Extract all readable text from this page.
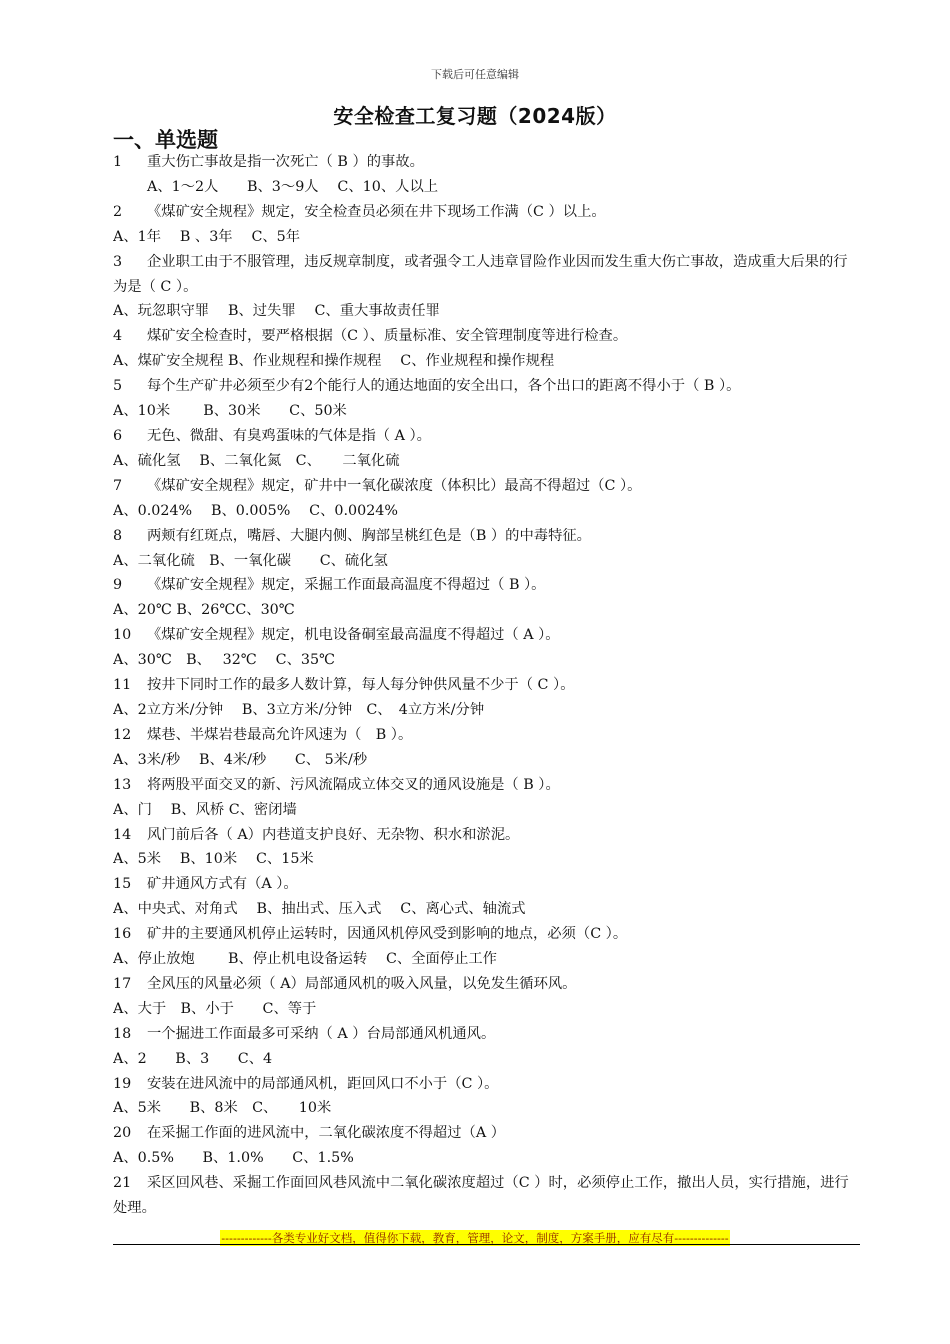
下载后可任意编辑
安全检查工复习题（2024版）
一、单选题
1 重大伤亡事故是指一次死亡（ B ）的事故。
A、1～2人　　B、3～9人　 C、10、人以上
2 《煤矿安全规程》规定，安全检查员必须在井下现场工作满（C ）以上。
A、1年　 B 、3年　 C、5年
3 企业职工由于不服管理，违反规章制度，或者强令工人违章冒险作业因而发生重大伤亡事故，造成重大后果的行为是（ C ）。
A、玩忽职守罪　 B、过失罪　 C、重大事故责任罪
4 煤矿安全检查时，要严格根据（C ）、质量标准、安全管理制度等进行检查。
A、煤矿安全规程 B、作业规程和操作规程　 C、作业规程和操作规程
5 每个生产矿井必须至少有2个能行人的通达地面的安全出口，各个出口的距离不得小于（ B ）。
A、10米　　 B、30米　　C、50米
6 无色、微甜、有臭鸡蛋味的气体是指（ A ）。
A、硫化氢　 B、二氧化氮　C、　　二氧化硫
7 《煤矿安全规程》规定，矿井中一氧化碳浓度（体积比）最高不得超过（C ）。
A、0.024%　 B、0.005%　 C、0.0024%
8 两颊有红斑点，嘴唇、大腿内侧、胸部呈桃红色是（B ）的中毒特征。
A、二氧化硫　B、一氧化碳　　C、硫化氢
9 《煤矿安全规程》规定，采掘工作面最高温度不得超过（ B ）。
A、20℃ B、26℃C、30℃
10 《煤矿安全规程》规定，机电设备硐室最高温度不得超过（ A ）。
A、30℃　B、　 32℃　 C、35℃
11 按井下同时工作的最多人数计算，每人每分钟供风量不少于（ C ）。
A、2立方米/分钟　 B、3立方米/分钟　C、　4立方米/分钟
12 煤巷、半煤岩巷最高允许风速为（　B ）。
A、3米/秒　 B、4米/秒　　C、 5米/秒
13 将两股平面交叉的新、污风流隔成立体交叉的通风设施是（ B ）。
A、门　 B、风桥 C、密闭墙
14 风门前后各（ A）内巷道支护良好、无杂物、积水和淤泥。
A、5米　 B、10米　 C、15米
15 矿井通风方式有（A ）。
A、中央式、对角式　 B、抽出式、压入式　 C、离心式、轴流式
16 矿井的主要通风机停止运转时，因通风机停风受到影响的地点，必须（C ）。
A、停止放炮　　 B、停止机电设备运转　 C、全面停止工作
17 全风压的风量必须（ A）局部通风机的吸入风量，以免发生循环风。
A、大于　B、小于　　C、等于
18 一个掘进工作面最多可采纳（ A ）台局部通风机通风。
A、2　　B、3　　C、4
19 安装在进风流中的局部通风机，距回风口不小于（C ）。
A、5米　　B、8米　C、　　10米
20 在采掘工作面的进风流中，二氧化碳浓度不得超过（A ）
A、0.5%　　B、1.0%　　C、1.5%
21 采区回风巷、采掘工作面回风巷风流中二氧化碳浓度超过（C ）时，必须停止工作，撤出人员，实行措施，进行处理。
-------------各类专业好文档，值得你下载，教育，管理，论文，制度，方案手册，应有尽有--------------
